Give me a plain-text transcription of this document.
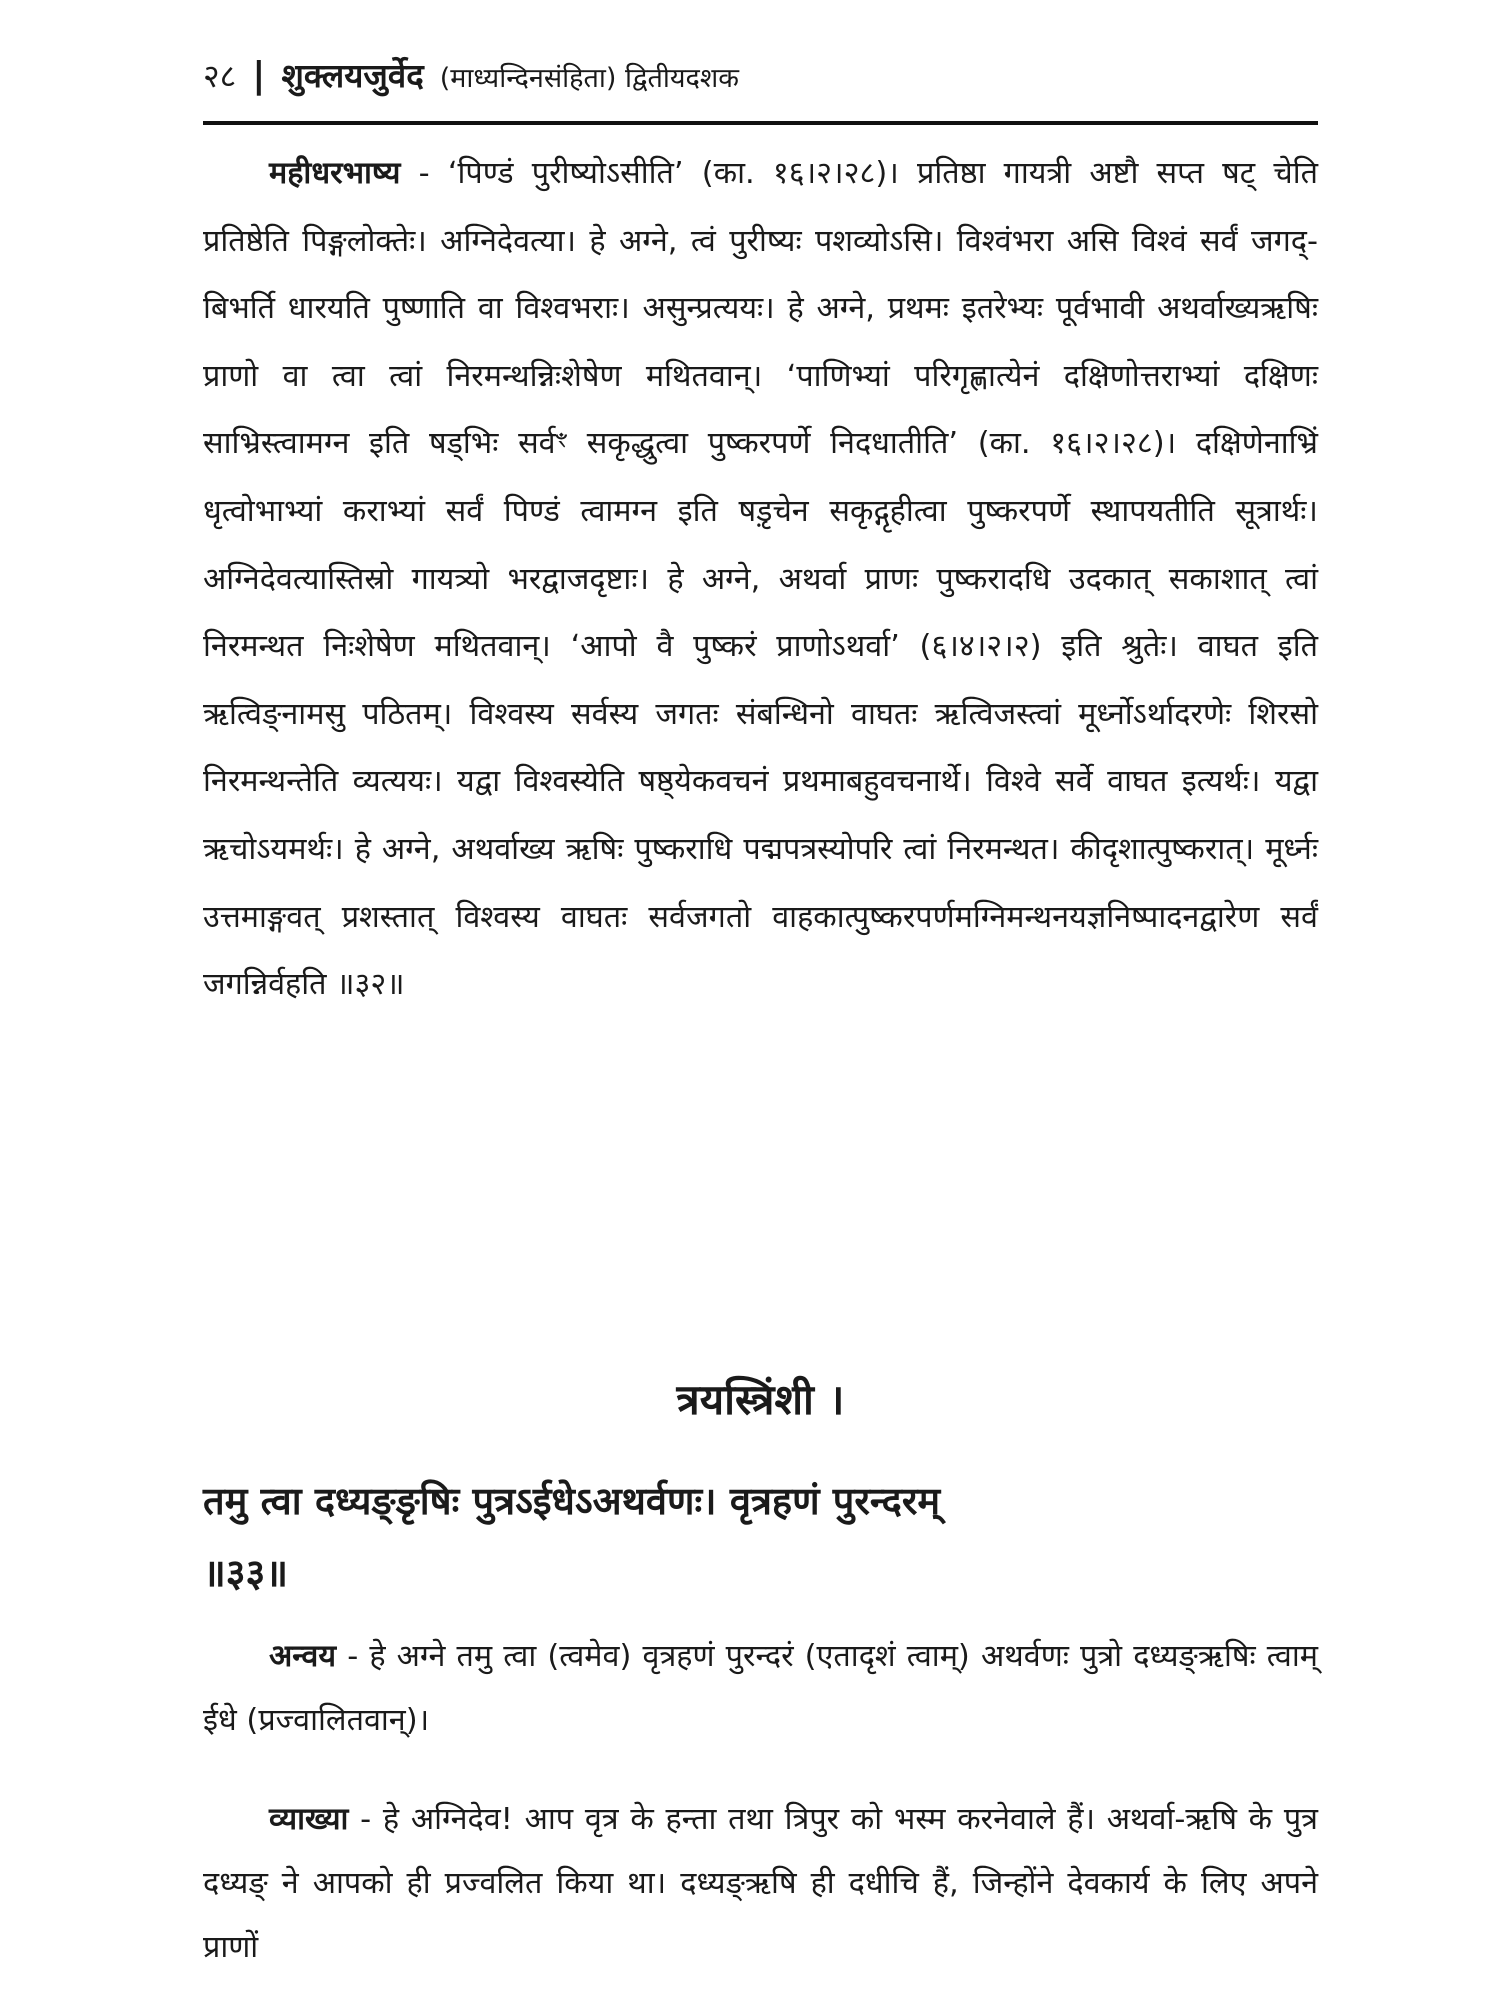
२८ | शुक्लयजुर्वेद (माध्यन्दिनसंहिता) द्वितीयदशक

महीधरभाष्य - ‘पिण्डं पुरीष्योऽसीति’ (का. १६।२।२८)। प्रतिष्ठा गायत्री अष्टौ सप्त षट् चेति प्रतिष्ठेति पिङ्गलोक्तेः। अग्निदेवत्या। हे अग्ने, त्वं पुरीष्यः पशव्योऽसि। विश्वंभरा असि विश्वं सर्वं जगद्-बिभर्ति धारयति पुष्णाति वा विश्वभराः। असुन्प्रत्ययः। हे अग्ने, प्रथमः इतरेभ्यः पूर्वभावी अथर्वाख्यऋषिः प्राणो वा त्वा त्वां निरमन्थन्निःशेषेण मथितवान्। ‘पाणिभ्यां परिगृह्णात्येनं दक्षिणोत्तराभ्यां दक्षिणः साभ्रिस्त्वामग्न इति षड्भिः सर्वꣳ सकृद्धुत्वा पुष्करपर्णे निदधातीति’ (का. १६।२।२८)। दक्षिणेनाभ्रिं धृत्वोभाभ्यां कराभ्यां सर्वं पिण्डं त्वामग्न इति षड़ृचेन सकृद्गृहीत्वा पुष्करपर्णे स्थापयतीति सूत्रार्थः। अग्निदेवत्यास्तिस्रो गायत्र्यो भरद्वाजदृष्टाः। हे अग्ने, अथर्वा प्राणः पुष्करादधि उदकात् सकाशात् त्वां निरमन्थत निःशेषेण मथितवान्। ‘आपो वै पुष्करं प्राणोऽथर्वा’ (६।४।२।२) इति श्रुतेः। वाघत इति ऋत्विङ्नामसु पठितम्। विश्वस्य सर्वस्य जगतः संबन्धिनो वाघतः ऋत्विजस्त्वां मूर्ध्नोऽर्थादरणेः शिरसो निरमन्थन्तेति व्यत्ययः। यद्वा विश्वस्येति षष्ठ्येकवचनं प्रथमाबहुवचनार्थे। विश्वे सर्वे वाघत इत्यर्थः। यद्वा ऋचोऽयमर्थः। हे अग्ने, अथर्वाख्य ऋषिः पुष्कराधि पद्मपत्रस्योपरि त्वां निरमन्थत। कीदृशात्पुष्करात्। मूर्ध्नः उत्तमाङ्गवत् प्रशस्तात् विश्वस्य वाघतः सर्वजगतो वाहकात्पुष्करपर्णमग्निमन्थनयज्ञनिष्पादनद्वारेण सर्वं जगन्निर्वहति ॥३२॥

त्रयस्त्रिंशी ।

तमु त्वा दध्यङ्ङृषिः पुत्रऽईधेऽअथर्वणः। वृत्रहणं पुरन्दरम्
॥३३॥

अन्वय - हे अग्ने तमु त्वा (त्वमेव) वृत्रहणं पुरन्दरं (एतादृशं त्वाम्) अथर्वणः पुत्रो दध्यङ्ऋषिः त्वाम् ईधे (प्रज्वालितवान्)।

व्याख्या - हे अग्निदेव! आप वृत्र के हन्ता तथा त्रिपुर को भस्म करनेवाले हैं। अथर्वा-ऋषि के पुत्र दध्यङ् ने आपको ही प्रज्वलित किया था। दध्यङ्ऋषि ही दधीचि हैं, जिन्होंने देवकार्य के लिए अपने प्राणों
